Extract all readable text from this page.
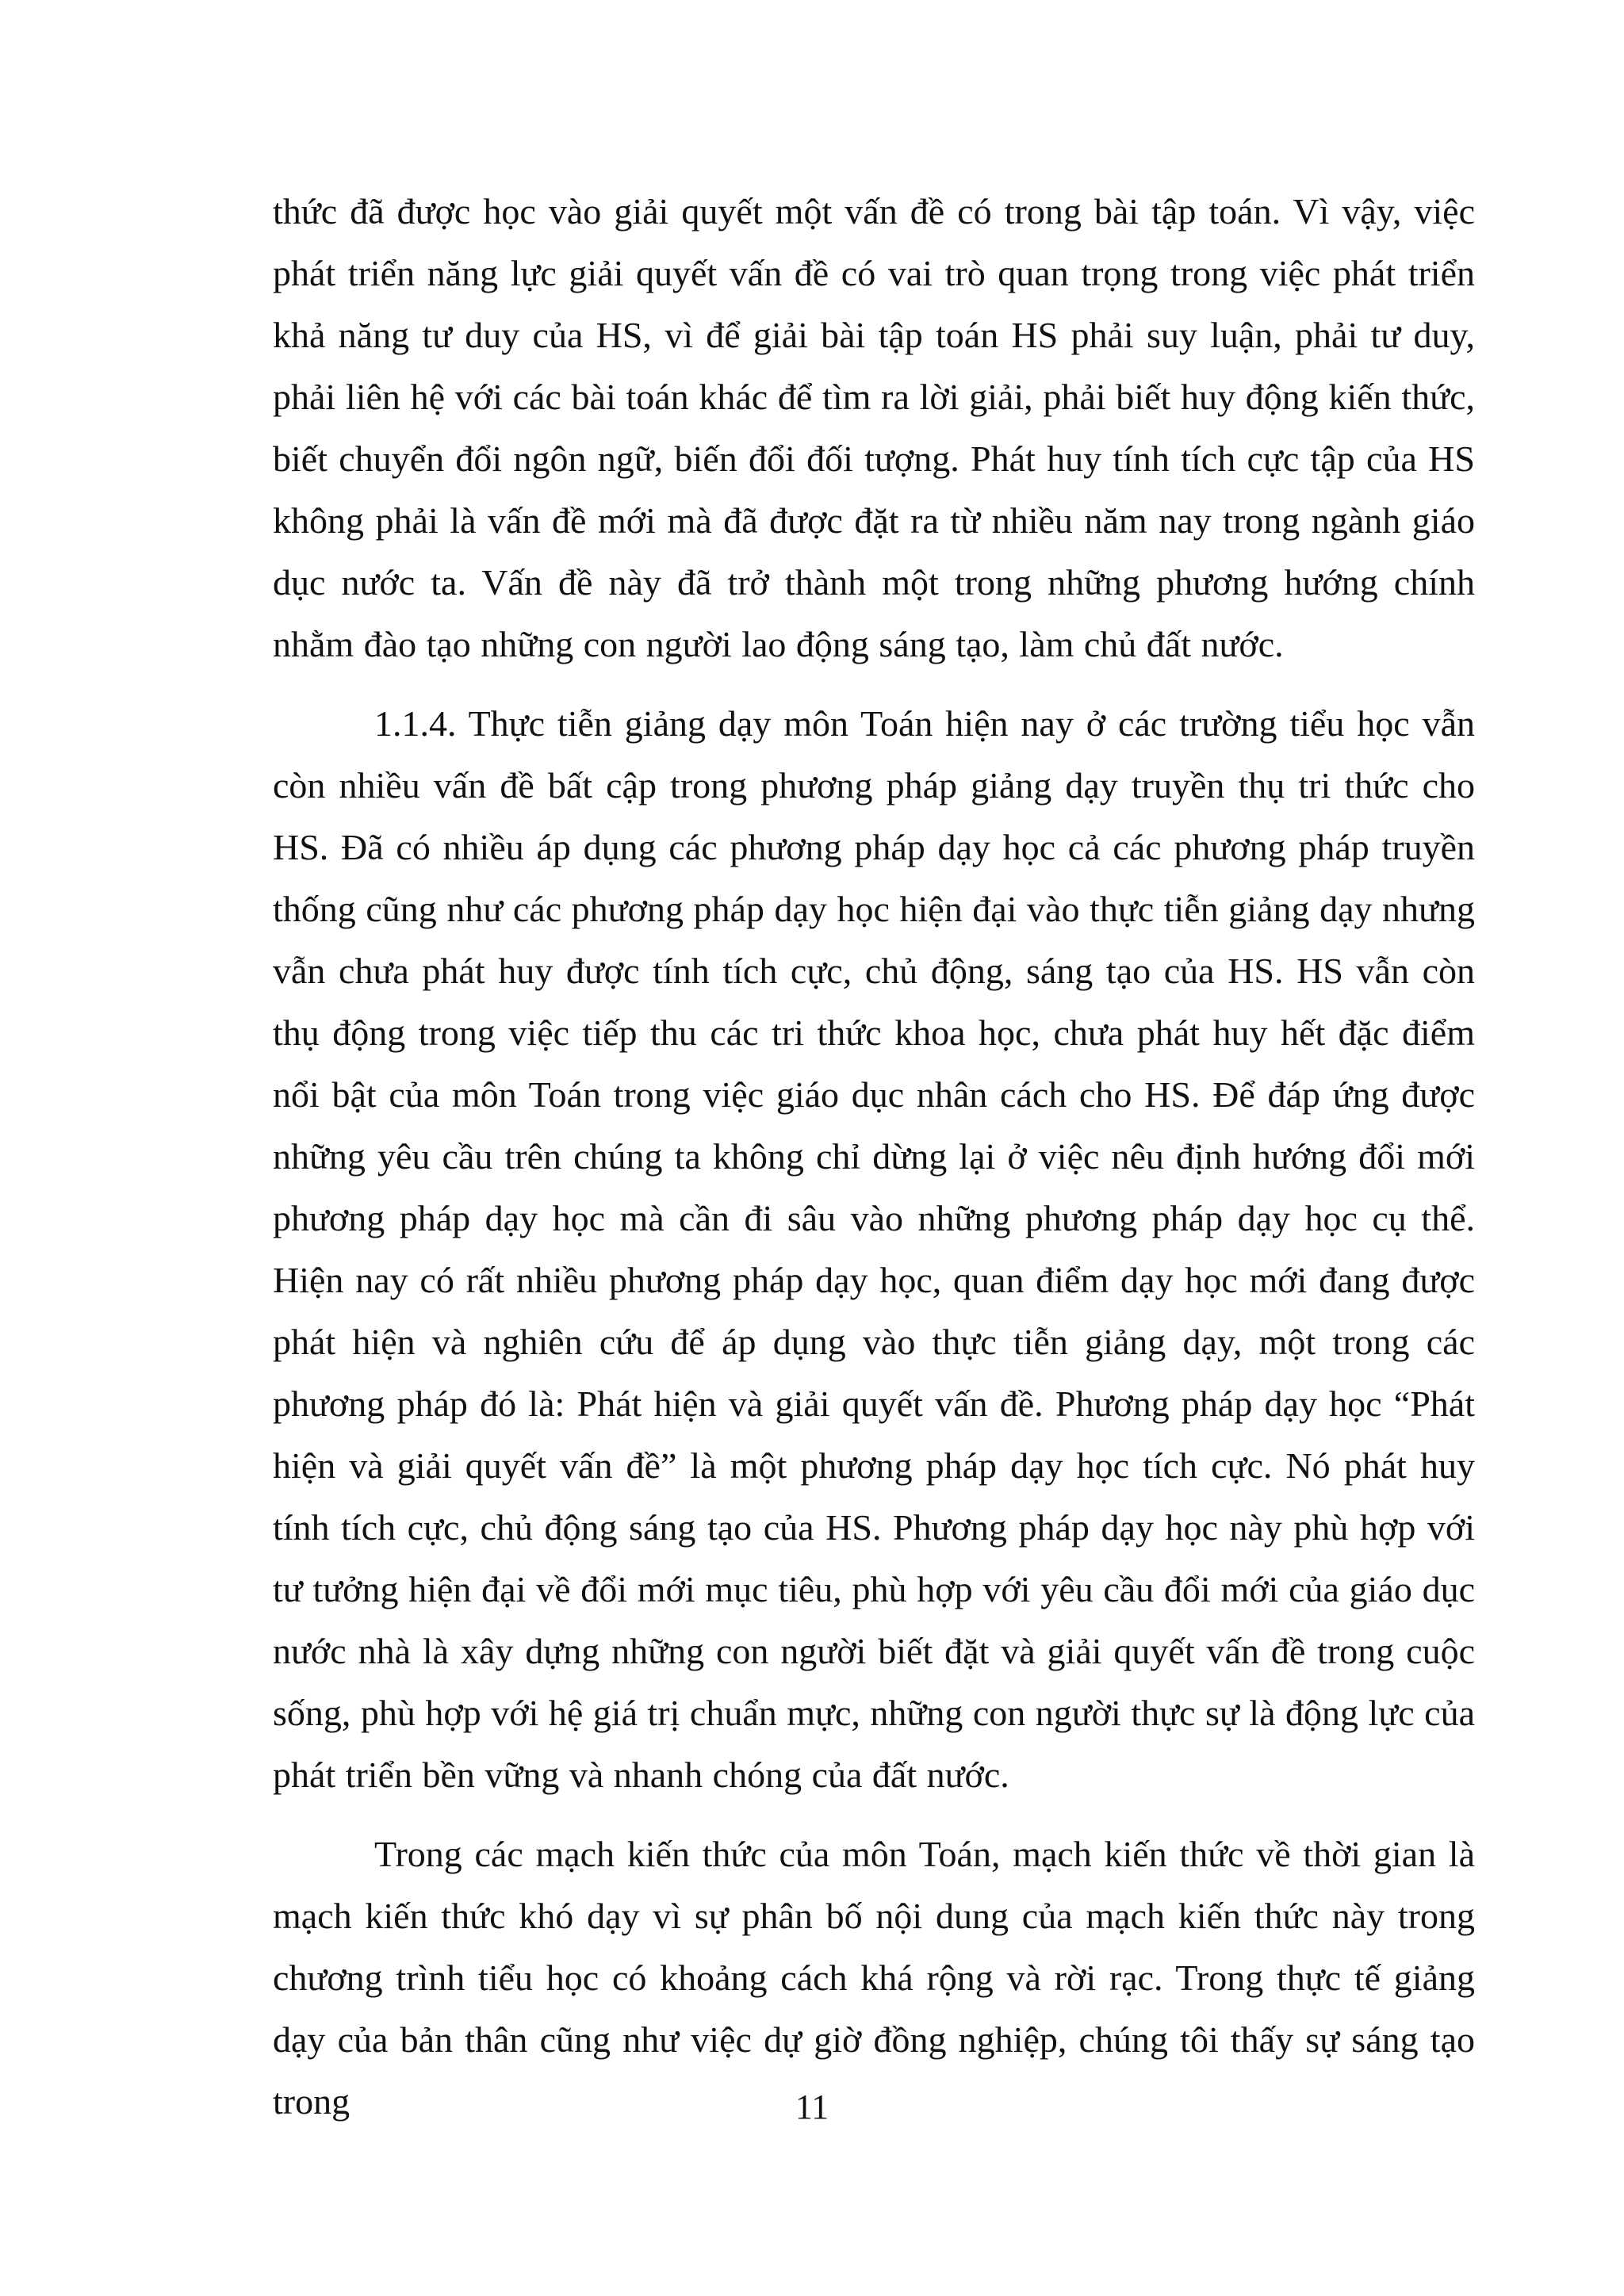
thức đã được học vào giải quyết một vấn đề có trong bài tập toán. Vì vậy, việc phát triển năng lực giải quyết vấn đề có vai trò quan trọng trong việc phát triển khả năng tư duy của HS, vì để giải bài tập toán HS phải suy luận, phải tư duy, phải liên hệ với các bài toán khác để tìm ra lời giải, phải biết huy động kiến thức, biết chuyển đổi ngôn ngữ, biến đổi đối tượng. Phát huy tính tích cực tập của HS không phải là vấn đề mới mà đã được đặt ra từ nhiều năm nay trong ngành giáo dục nước ta. Vấn đề này đã trở thành một trong những phương hướng chính nhằm đào tạo những con người lao động sáng tạo, làm chủ đất nước.

1.1.4. Thực tiễn giảng dạy môn Toán hiện nay ở các trường tiểu học vẫn còn nhiều vấn đề bất cập trong phương pháp giảng dạy truyền thụ tri thức cho HS. Đã có nhiều áp dụng các phương pháp dạy học cả các phương pháp truyền thống cũng như các phương pháp dạy học hiện đại vào thực tiễn giảng dạy nhưng vẫn chưa phát huy được tính tích cực, chủ động, sáng tạo của HS. HS vẫn còn thụ động trong việc tiếp thu các tri thức khoa học, chưa phát huy hết đặc điểm nổi bật của môn Toán trong việc giáo dục nhân cách cho HS. Để đáp ứng được những yêu cầu trên chúng ta không chỉ dừng lại ở việc nêu định hướng đổi mới phương pháp dạy học mà cần đi sâu vào những phương pháp dạy học cụ thể. Hiện nay có rất nhiều phương pháp dạy học, quan điểm dạy học mới đang được phát hiện và nghiên cứu để áp dụng vào thực tiễn giảng dạy, một trong các phương pháp đó là: Phát hiện và giải quyết vấn đề. Phương pháp dạy học “Phát hiện và giải quyết vấn đề” là một phương pháp dạy học tích cực. Nó phát huy tính tích cực, chủ động sáng tạo của HS. Phương pháp dạy học này phù hợp với tư tưởng hiện đại về đổi mới mục tiêu, phù hợp với yêu cầu đổi mới của giáo dục nước nhà là xây dựng những con người biết đặt và giải quyết vấn đề trong cuộc sống, phù hợp với hệ giá trị chuẩn mực, những con người thực sự là động lực của phát triển bền vững và nhanh chóng của đất nước.

Trong các mạch kiến thức của môn Toán, mạch kiến thức về thời gian là mạch kiến thức khó dạy vì sự phân bố nội dung của mạch kiến thức này trong chương trình tiểu học có khoảng cách khá rộng và rời rạc. Trong thực tế giảng dạy của bản thân cũng như việc dự giờ đồng nghiệp, chúng tôi thấy sự sáng tạo trong	11
